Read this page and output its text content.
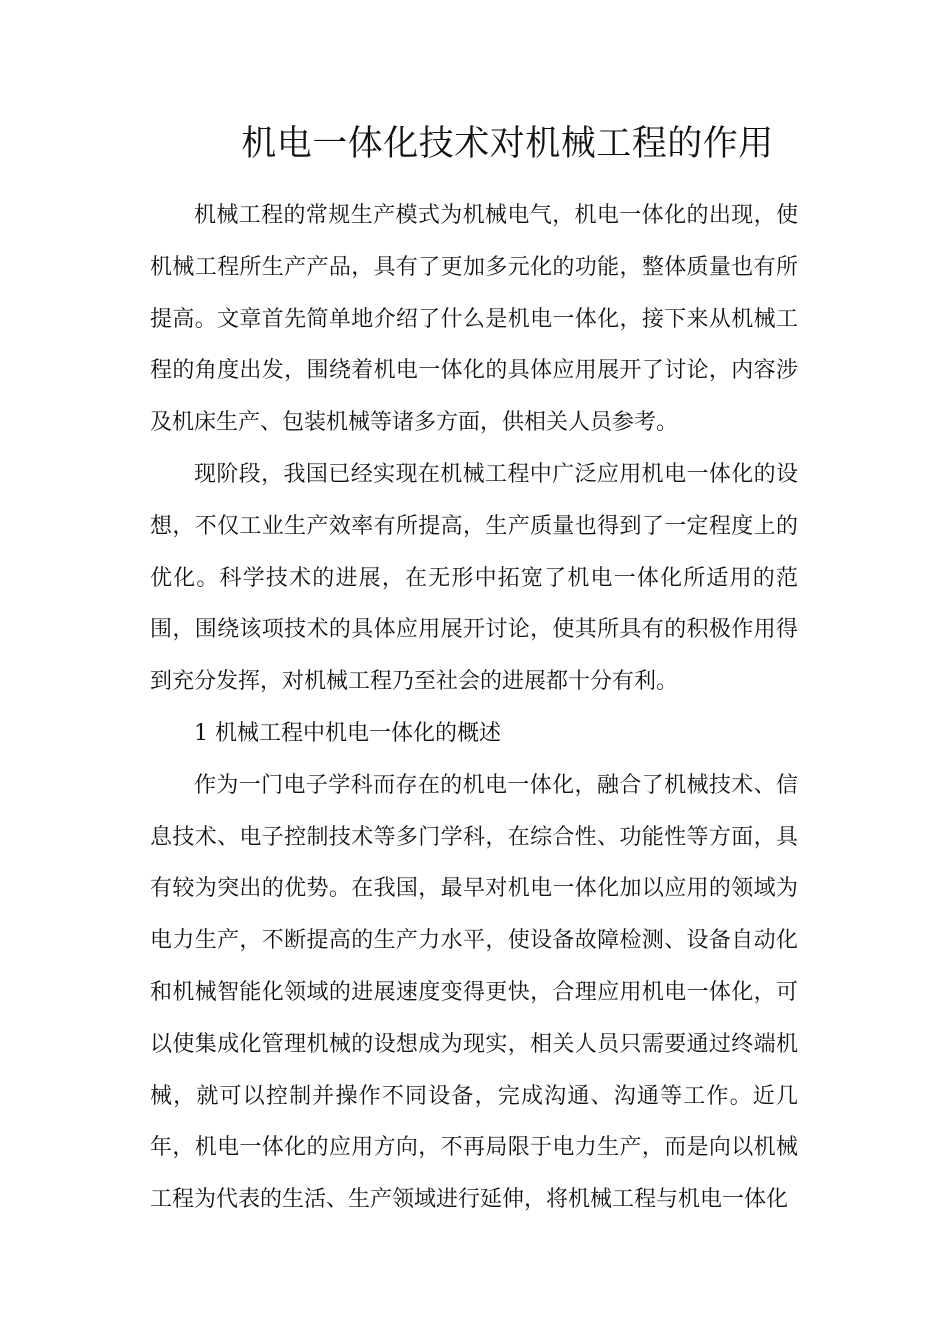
机电一体化技术对机械工程的作用

机械工程的常规生产模式为机械电气，机电一体化的出现，使机械工程所生产产品，具有了更加多元化的功能，整体质量也有所提高。文章首先简单地介绍了什么是机电一体化，接下来从机械工程的角度出发，围绕着机电一体化的具体应用展开了讨论，内容涉及机床生产、包装机械等诸多方面，供相关人员参考。

现阶段，我国已经实现在机械工程中广泛应用机电一体化的设想，不仅工业生产效率有所提高，生产质量也得到了一定程度上的优化。科学技术的进展，在无形中拓宽了机电一体化所适用的范围，围绕该项技术的具体应用展开讨论，使其所具有的积极作用得到充分发挥，对机械工程乃至社会的进展都十分有利。

1 机械工程中机电一体化的概述

作为一门电子学科而存在的机电一体化，融合了机械技术、信息技术、电子控制技术等多门学科，在综合性、功能性等方面，具有较为突出的优势。在我国，最早对机电一体化加以应用的领域为电力生产，不断提高的生产力水平，使设备故障检测、设备自动化和机械智能化领域的进展速度变得更快，合理应用机电一体化，可以使集成化管理机械的设想成为现实，相关人员只需要通过终端机械，就可以控制并操作不同设备，完成沟通、沟通等工作。近几年，机电一体化的应用方向，不再局限于电力生产，而是向以机械工程为代表的生活、生产领域进行延伸，将机械工程与机电一体化
